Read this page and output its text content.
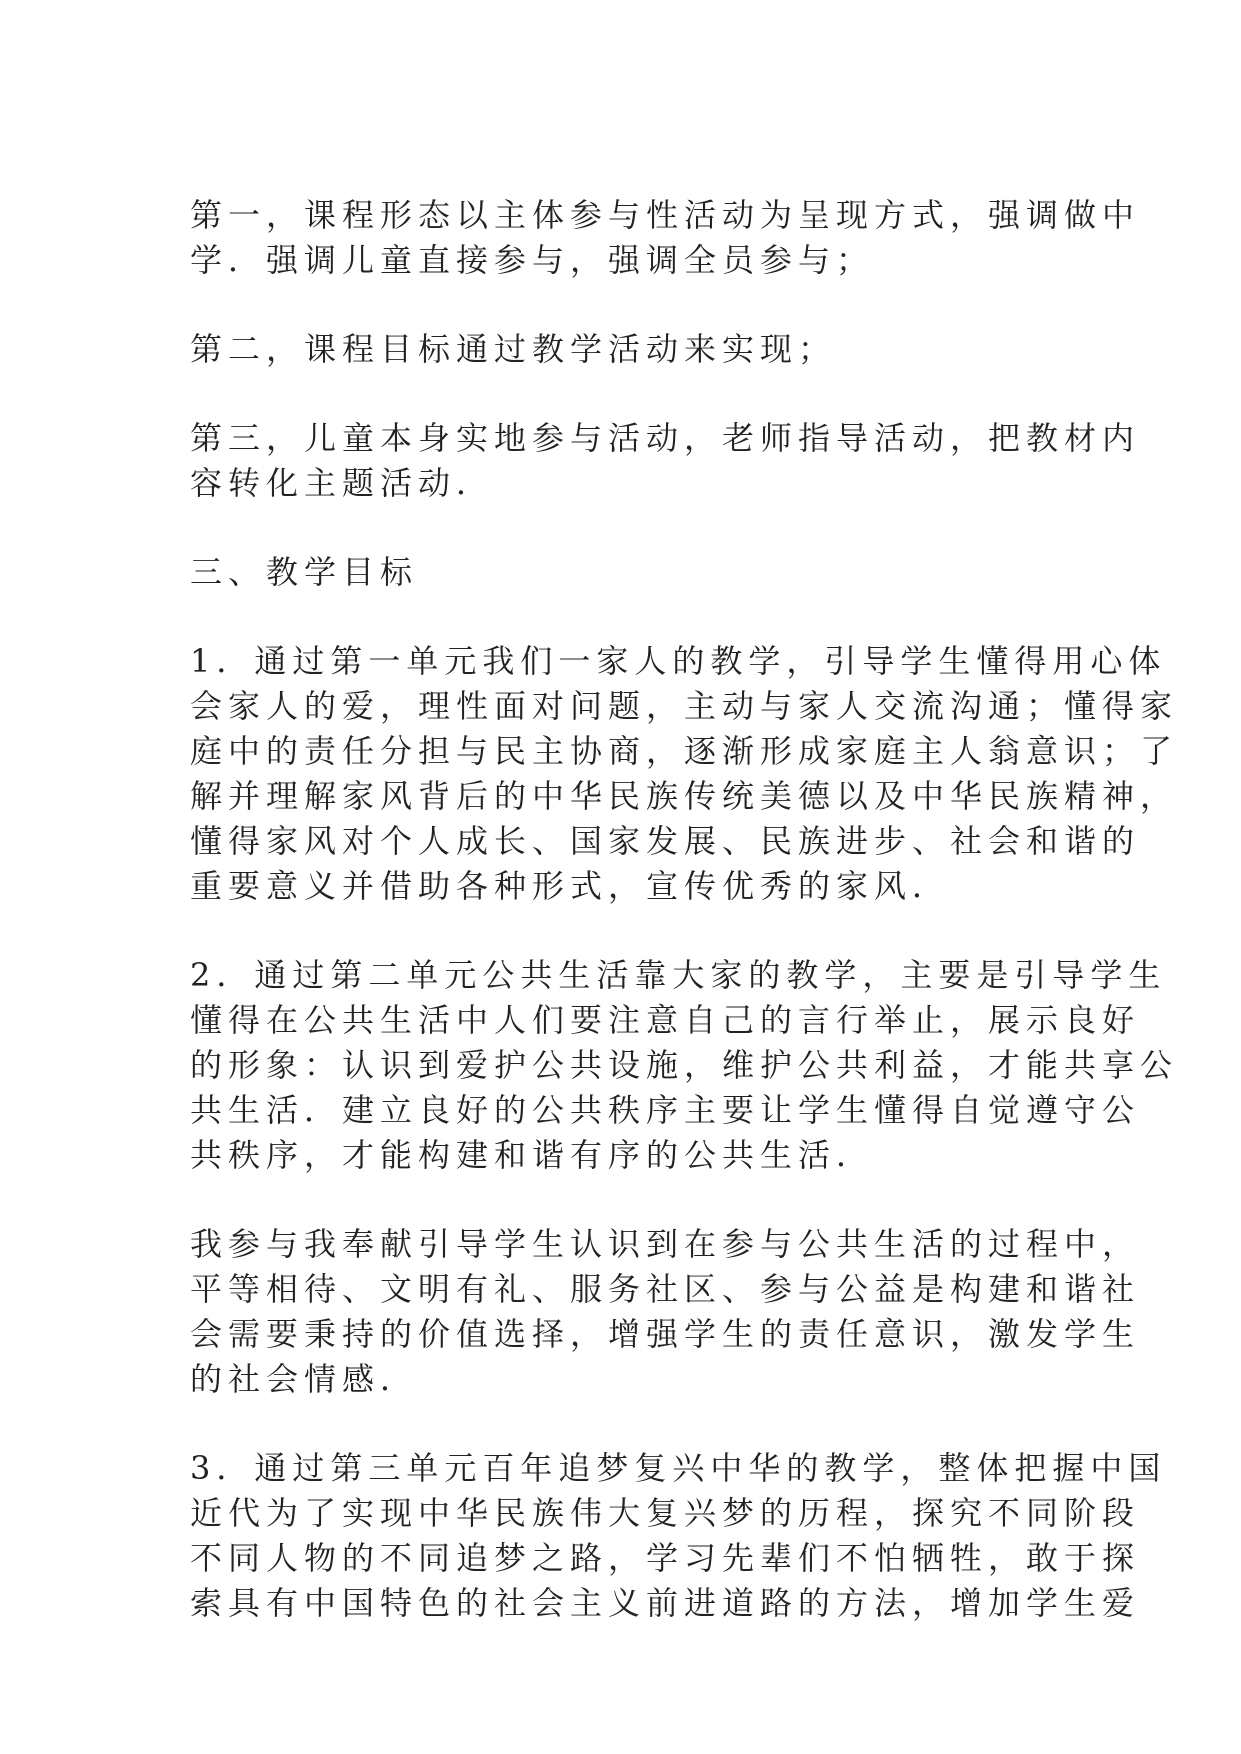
第一，课程形态以主体参与性活动为呈现方式，强调做中
学．强调儿童直接参与，强调全员参与；
第二，课程目标通过教学活动来实现；
第三，儿童本身实地参与活动，老师指导活动，把教材内
容转化主题活动．
三、教学目标
1．通过第一单元我们一家人的教学，引导学生懂得用心体
会家人的爱，理性面对问题，主动与家人交流沟通；懂得家
庭中的责任分担与民主协商，逐渐形成家庭主人翁意识；了
解并理解家风背后的中华民族传统美德以及中华民族精神，
懂得家风对个人成长、国家发展、民族进步、社会和谐的
重要意义并借助各种形式，宣传优秀的家风．
2．通过第二单元公共生活靠大家的教学，主要是引导学生
懂得在公共生活中人们要注意自己的言行举止，展示良好
的形象：认识到爱护公共设施，维护公共利益，才能共享公
共生活．建立良好的公共秩序主要让学生懂得自觉遵守公
共秩序，才能构建和谐有序的公共生活．
我参与我奉献引导学生认识到在参与公共生活的过程中，
平等相待、文明有礼、服务社区、参与公益是构建和谐社
会需要秉持的价值选择，增强学生的责任意识，激发学生
的社会情感．
3．通过第三单元百年追梦复兴中华的教学，整体把握中国
近代为了实现中华民族伟大复兴梦的历程，探究不同阶段
不同人物的不同追梦之路，学习先辈们不怕牺牲，敢于探
索具有中国特色的社会主义前进道路的方法，增加学生爱
